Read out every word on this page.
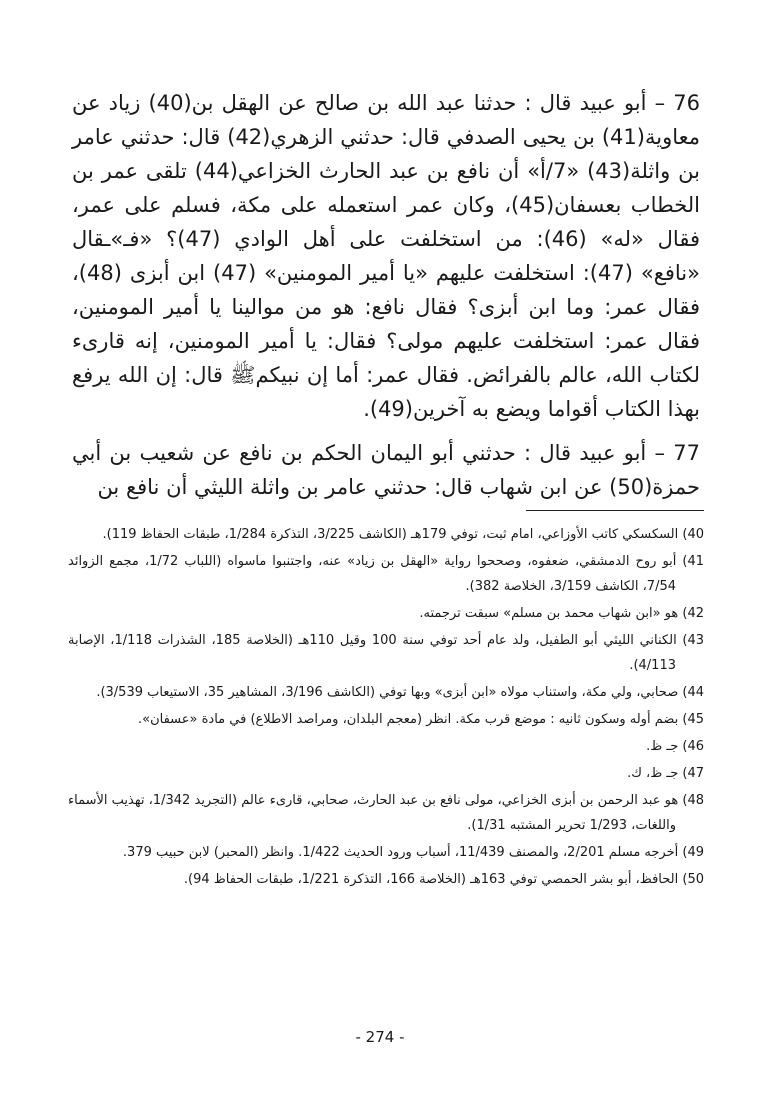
76 – أبو عبيد قال : حدثنا عبد الله بن صالح عن الهقل بن(40) زياد عن معاوية(41) بن يحيى الصدفي قال: حدثني الزهري(42) قال: حدثني عامر بن واثلة(43) «7/أ» أن نافع بن عبد الحارث الخزاعي(44) تلقى عمر بن الخطاب بعسفان(45)، وكان عمر استعمله على مكة، فسلم على عمر، فقال «له» (46): من استخلفت على أهل الوادي (47)؟ «فـ»ـقال «نافع» (47): استخلفت عليهم «يا أمير المومنين» (47) ابن أبزى (48)، فقال عمر: وما ابن أبزى؟ فقال نافع: هو من موالينا يا أمير المومنين، فقال عمر: استخلفت عليهم مولى؟ فقال: يا أمير المومنين، إنه قارىء لكتاب الله، عالم بالفرائض. فقال عمر: أما إن نبيكمﷺ قال: إن الله يرفع بهذا الكتاب أقواما ويضع به آخرين(49).

77 – أبو عبيد قال : حدثني أبو اليمان الحكم بن نافع عن شعيب بن أبي حمزة(50) عن ابن شهاب قال: حدثني عامر بن واثلة الليثي أن نافع بن

40) السكسكي كاتب الأوزاعي، امام ثبت، توفي 179هـ (الكاشف 3/225، التذكرة 1/284، طبقات الحفاظ 119).

41) أبو روح الدمشقي، ضعفوه، وصححوا رواية «الهقل بن زياد» عنه، واجتنبوا ماسواه (اللباب 1/72، مجمع الزوائد 7/54، الكاشف 3/159، الخلاصة 382).

42) هو «ابن شهاب محمد بن مسلم» سبقت ترجمته.

43) الكناني الليثي أبو الطفيل، ولد عام أحد توفي سنة 100 وقيل 110هـ (الخلاصة 185، الشذرات 1/118، الإصابة 4/113).

44) صحابي، ولي مكة، واستناب مولاه «ابن أبزى» وبها توفي (الكاشف 3/196، المشاهير 35، الاستيعاب 3/539).

45) بضم أوله وسكون ثانيه : موضع قرب مكة. انظر (معجم البلدان، ومراصد الاطلاع) في مادة «عسفان».

46) جـ ظ.

47) جـ ظ، ك.

48) هو عبد الرحمن بن أبزى الخزاعي، مولى نافع بن عبد الحارث، صحابي، قارىء عالم (التجريد 1/342، تهذيب الأسماء واللغات، 1/293 تحرير المشتبه 1/31).

49) أخرجه مسلم 2/201، والمصنف 11/439، أسباب ورود الحديث 1/422. وانظر (المحبر) لابن حبيب 379.

50) الحافظ، أبو بشر الحمصي توفي 163هـ (الخلاصة 166، التذكرة 1/221، طبقات الحفاظ 94).

- 274 -
